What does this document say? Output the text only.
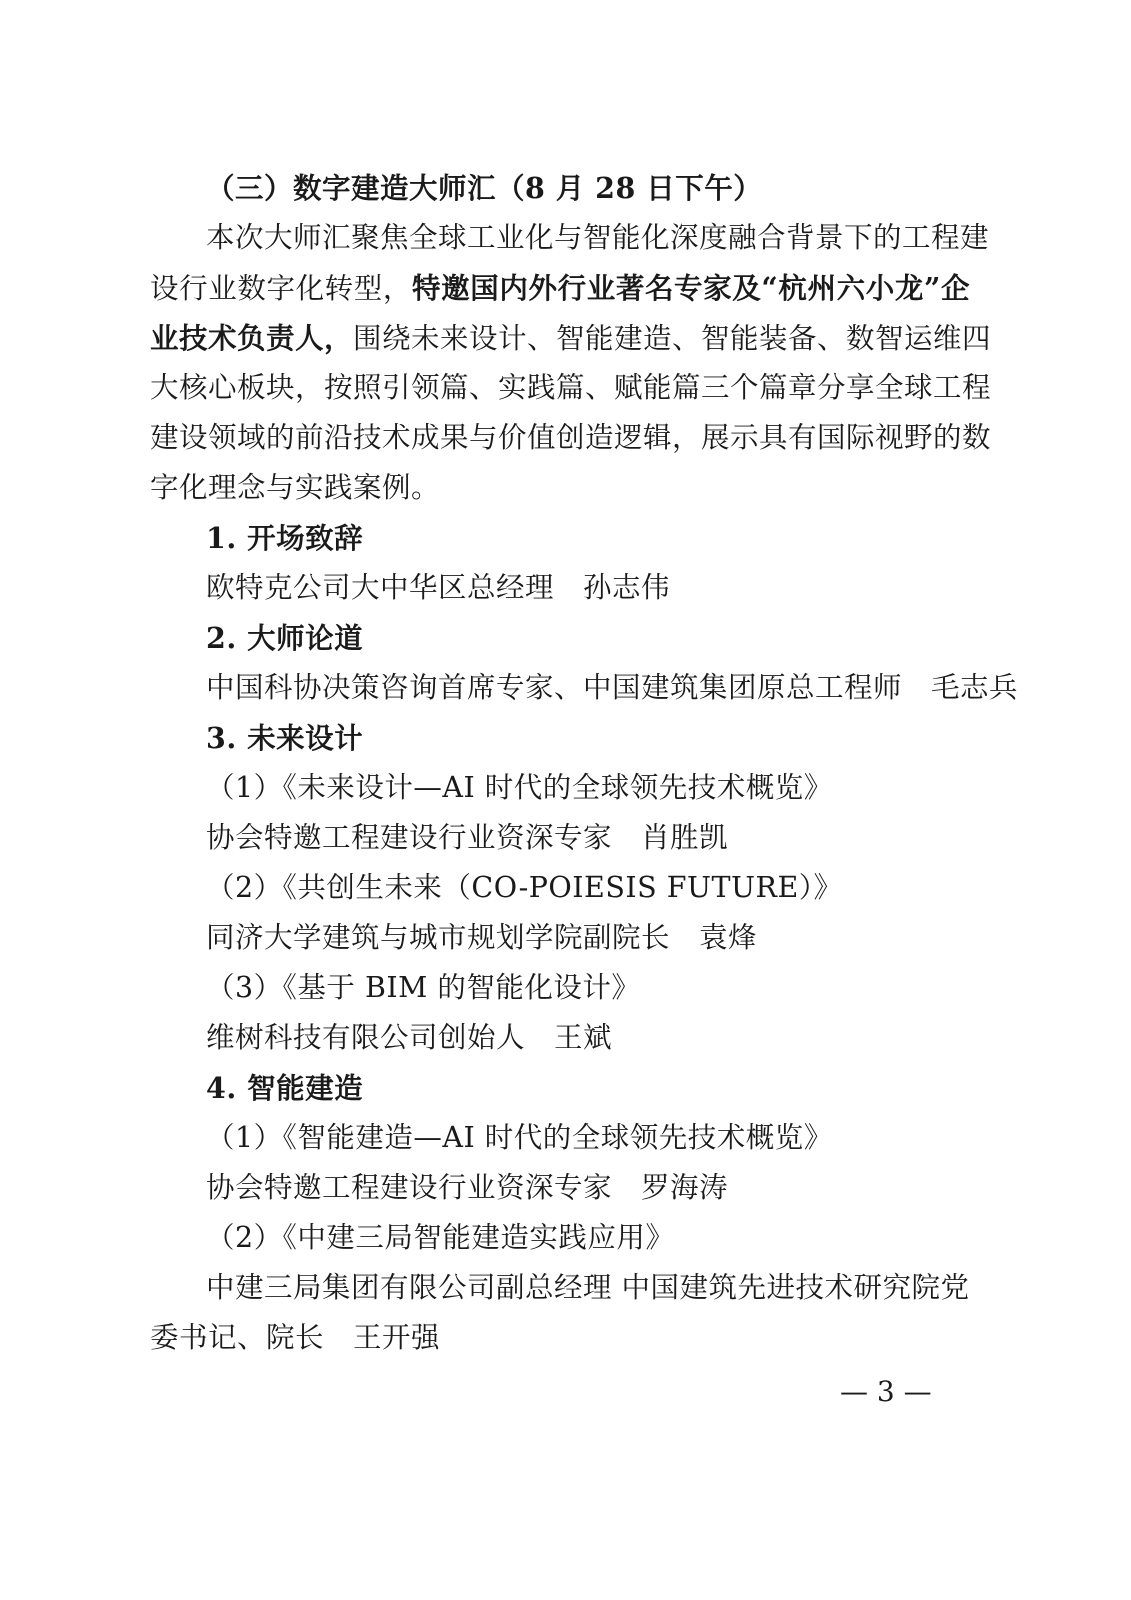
（三）数字建造大师汇（8 月 28 日下午）
本次大师汇聚焦全球工业化与智能化深度融合背景下的工程建
设行业数字化转型，特邀国内外行业著名专家及“杭州六小龙”企
业技术负责人，围绕未来设计、智能建造、智能装备、数智运维四
大核心板块，按照引领篇、实践篇、赋能篇三个篇章分享全球工程
建设领域的前沿技术成果与价值创造逻辑，展示具有国际视野的数
字化理念与实践案例。
1. 开场致辞
欧特克公司大中华区总经理　孙志伟
2. 大师论道
中国科协决策咨询首席专家、中国建筑集团原总工程师　毛志兵
3. 未来设计
（1）《未来设计—AI 时代的全球领先技术概览》
协会特邀工程建设行业资深专家　肖胜凯
（2）《共创生未来（CO-POIESIS FUTURE）》
同济大学建筑与城市规划学院副院长　袁烽
（3）《基于 BIM 的智能化设计》
维树科技有限公司创始人　王斌
4. 智能建造
（1）《智能建造—AI 时代的全球领先技术概览》
协会特邀工程建设行业资深专家　罗海涛
（2）《中建三局智能建造实践应用》
中建三局集团有限公司副总经理 中国建筑先进技术研究院党
委书记、院长　王开强
— 3 —
